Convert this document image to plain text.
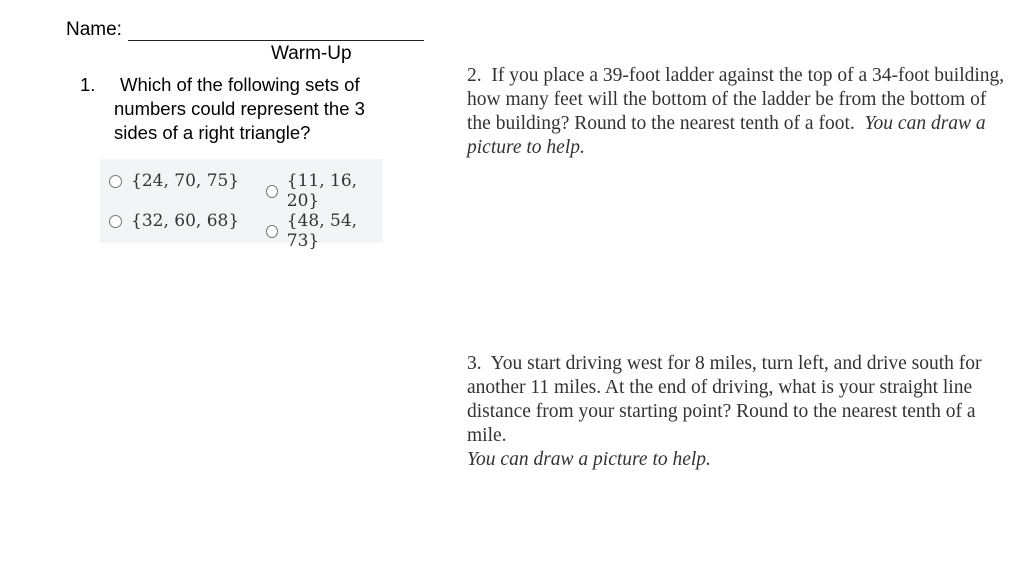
Name:
Warm-Up
1.	Which of the following sets of numbers could represent the 3 sides of a right triangle?
{24, 70, 75}	{11, 16, 20}
{32, 60, 68}	{48, 54, 73}
2. If you place a 39-foot ladder against the top of a 34-foot building, how many feet will the bottom of the ladder be from the bottom of the building? Round to the nearest tenth of a foot. You can draw a picture to help.
3. You start driving west for 8 miles, turn left, and drive south for another 11 miles. At the end of driving, what is your straight line distance from your starting point? Round to the nearest tenth of a mile.
You can draw a picture to help.
